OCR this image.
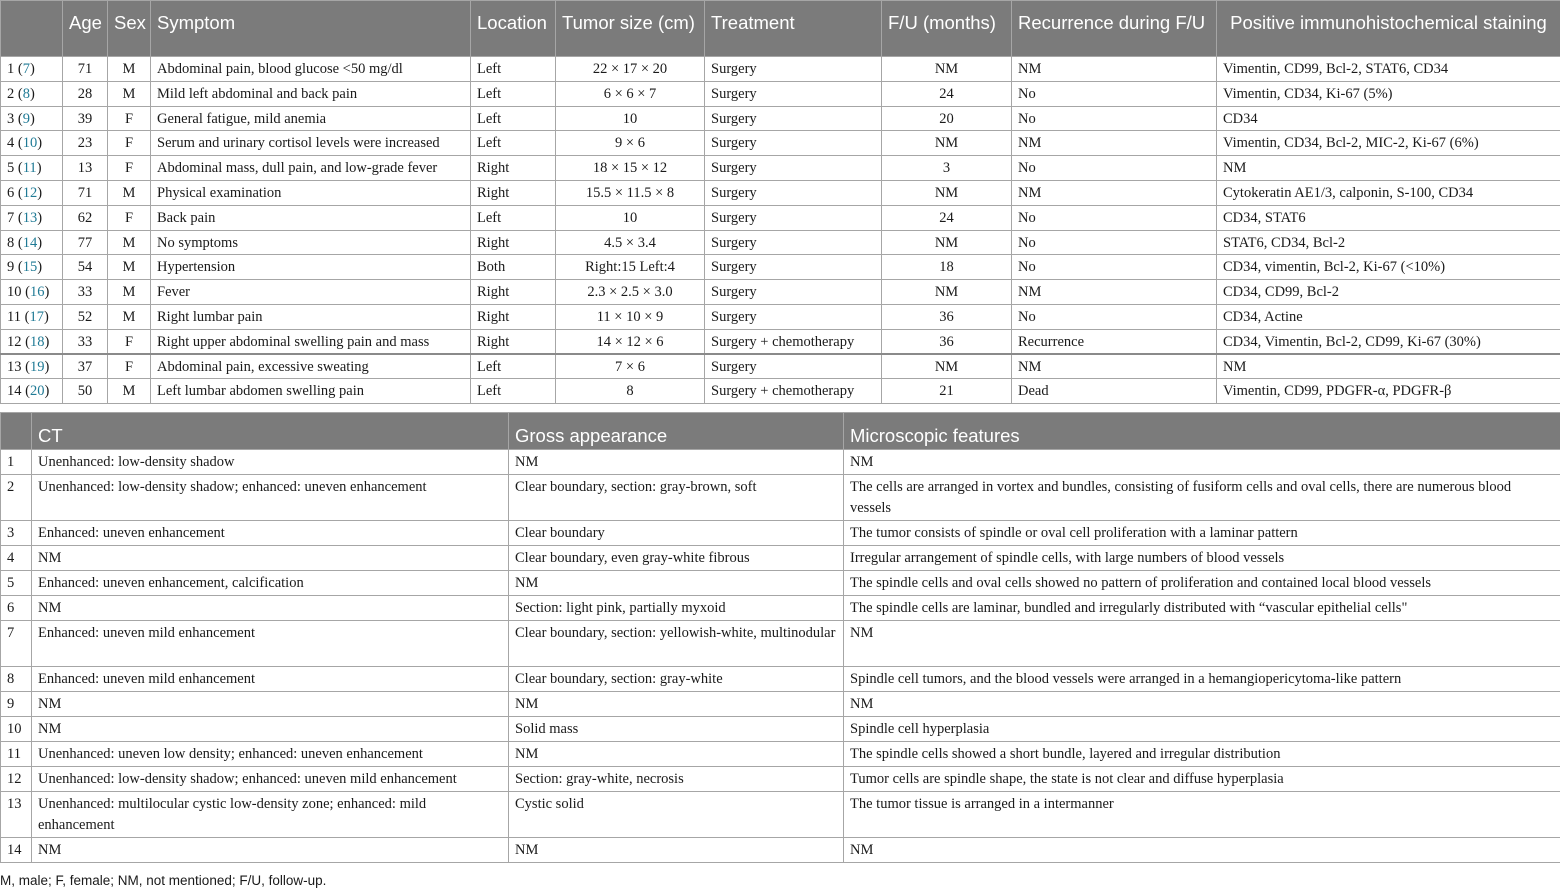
	Age	Sex	Symptom	Location	Tumor size (cm)	Treatment	F/U (months)	Recurrence during F/U	Positive immunohistochemical staining
1 (7)	71	M	Abdominal pain, blood glucose <50 mg/dl	Left	22 × 17 × 20	Surgery	NM	NM	Vimentin, CD99, Bcl-2, STAT6, CD34
2 (8)	28	M	Mild left abdominal and back pain	Left	6 × 6 × 7	Surgery	24	No	Vimentin, CD34, Ki-67 (5%)
3 (9)	39	F	General fatigue, mild anemia	Left	10	Surgery	20	No	CD34
4 (10)	23	F	Serum and urinary cortisol levels were increased	Left	9 × 6	Surgery	NM	NM	Vimentin, CD34, Bcl-2, MIC-2, Ki-67 (6%)
5 (11)	13	F	Abdominal mass, dull pain, and low-grade fever	Right	18 × 15 × 12	Surgery	3	No	NM
6 (12)	71	M	Physical examination	Right	15.5 × 11.5 × 8	Surgery	NM	NM	Cytokeratin AE1/3, calponin, S-100, CD34
7 (13)	62	F	Back pain	Left	10	Surgery	24	No	CD34, STAT6
8 (14)	77	M	No symptoms	Right	4.5 × 3.4	Surgery	NM	No	STAT6, CD34, Bcl-2
9 (15)	54	M	Hypertension	Both	Right:15 Left:4	Surgery	18	No	CD34, vimentin, Bcl-2, Ki-67 (<10%)
10 (16)	33	M	Fever	Right	2.3 × 2.5 × 3.0	Surgery	NM	NM	CD34, CD99, Bcl-2
11 (17)	52	M	Right lumbar pain	Right	11 × 10 × 9	Surgery	36	No	CD34, Actine
12 (18)	33	F	Right upper abdominal swelling pain and mass	Right	14 × 12 × 6	Surgery + chemotherapy	36	Recurrence	CD34, Vimentin, Bcl-2, CD99, Ki-67 (30%)
13 (19)	37	F	Abdominal pain, excessive sweating	Left	7 × 6	Surgery	NM	NM	NM
14 (20)	50	M	Left lumbar abdomen swelling pain	Left	8	Surgery + chemotherapy	21	Dead	Vimentin, CD99, PDGFR-α, PDGFR-β
	CT	Gross appearance	Microscopic features
1	Unenhanced: low-density shadow	NM	NM
2	Unenhanced: low-density shadow; enhanced: uneven enhancement	Clear boundary, section: gray-brown, soft	The cells are arranged in vortex and bundles, consisting of fusiform cells and oval cells, there are numerous blood vessels
3	Enhanced: uneven enhancement	Clear boundary	The tumor consists of spindle or oval cell proliferation with a laminar pattern
4	NM	Clear boundary, even gray-white fibrous	Irregular arrangement of spindle cells, with large numbers of blood vessels
5	Enhanced: uneven enhancement, calcification	NM	The spindle cells and oval cells showed no pattern of proliferation and contained local blood vessels
6	NM	Section: light pink, partially myxoid	The spindle cells are laminar, bundled and irregularly distributed with “vascular epithelial cells"
7	Enhanced: uneven mild enhancement	Clear boundary, section: yellowish-white, multinodular	NM
8	Enhanced: uneven mild enhancement	Clear boundary, section: gray-white	Spindle cell tumors, and the blood vessels were arranged in a hemangiopericytoma-like pattern
9	NM	NM	NM
10	NM	Solid mass	Spindle cell hyperplasia
11	Unenhanced: uneven low density; enhanced: uneven enhancement	NM	The spindle cells showed a short bundle, layered and irregular distribution
12	Unenhanced: low-density shadow; enhanced: uneven mild enhancement	Section: gray-white, necrosis	Tumor cells are spindle shape, the state is not clear and diffuse hyperplasia
13	Unenhanced: multilocular cystic low-density zone; enhanced: mild enhancement	Cystic solid	The tumor tissue is arranged in a intermanner
14	NM	NM	NM
M, male; F, female; NM, not mentioned; F/U, follow-up.
